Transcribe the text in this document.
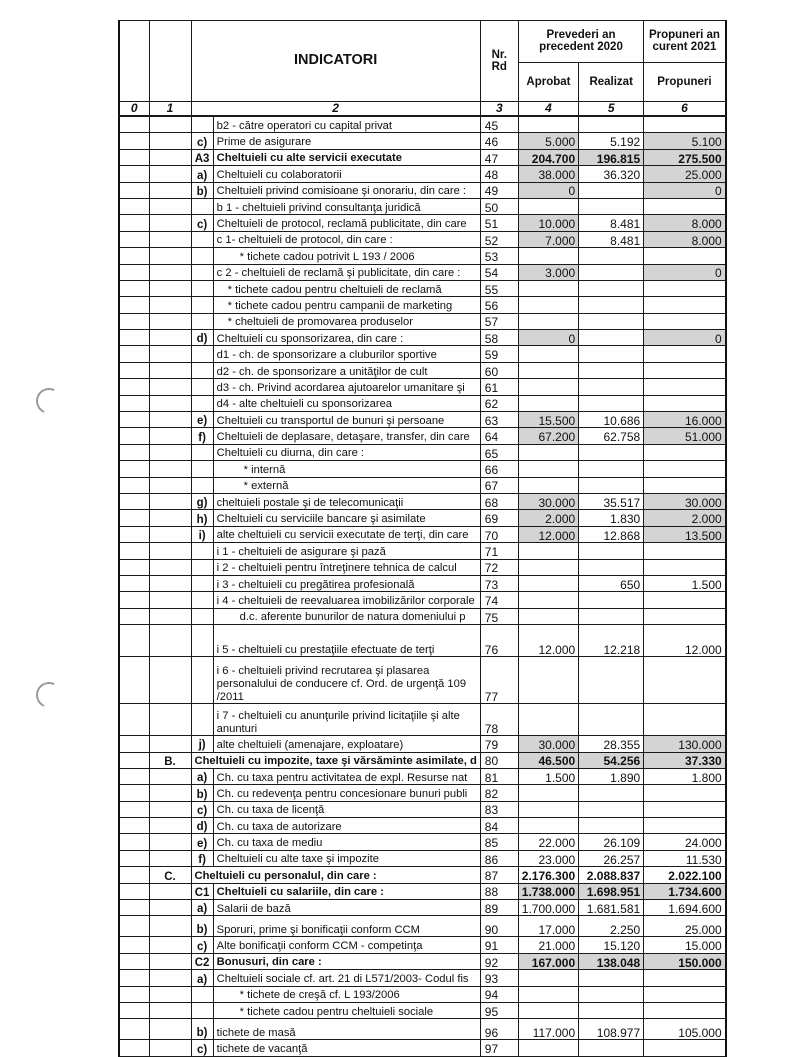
		INDICATORI		Nr. Rd	Prevederi an precedent 2020		Propuneri an curent 2021
					Aprobat	Realizat	Propuneri
0	1	2		3	4	5	6
			b2 - către operatori cu capital privat	45			
		c)	Prime de asigurare	46	5.000	5.192	5.100
		A3	Cheltuieli cu alte servicii executate	47	204.700	196.815	275.500
		a)	Cheltuieli cu colaboratorii	48	38.000	36.320	25.000
		b)	Cheltuieli privind comisioane şi onorariu, din care :	49	0		0
			b 1 - cheltuieli privind consultanţa juridică	50			
		c)	Cheltuieli de protocol, reclamă publicitate, din care	51	10.000	8.481	8.000
			c 1- cheltuieli de protocol, din care :	52	7.000	8.481	8.000
			* tichete cadou potrivit L 193 / 2006	53			
			c 2 - cheltuieli de reclamă şi publicitate, din care :	54	3.000		0
			* tichete cadou pentru cheltuieli de reclamă	55			
			* tichete cadou pentru campanii de marketing	56			
			* cheltuieli de promovarea produselor	57			
		d)	Cheltuieli cu sponsorizarea, din care :	58	0		0
			d1 - ch. de sponsorizare a cluburilor sportive	59			
			d2 - ch. de sponsorizare a unităţilor de cult	60			
			d3 - ch. Privind acordarea ajutoarelor umanitare şi	61			
			d4 - alte cheltuieli cu sponsorizarea	62			
		e)	Cheltuieli cu transportul de bunuri şi persoane	63	15.500	10.686	16.000
		f)	Cheltuieli de deplasare, detaşare, transfer, din care	64	67.200	62.758	51.000
			Cheltuieli cu diurna, din care :	65			
			* internă	66			
			* externă	67			
		g)	cheltuieli postale şi de telecomunicaţii	68	30.000	35.517	30.000
		h)	Cheltuieli cu serviciile bancare şi asimilate	69	2.000	1.830	2.000
		i)	alte cheltuieli cu servicii executate de terţi, din care	70	12.000	12.868	13.500
			i 1 - cheltuieli de asigurare şi pază	71			
			i 2 - cheltuieli pentru întreţinere tehnica de calcul	72			
			i 3 - cheltuieli cu pregătirea profesională	73		650	1.500
			i 4 - cheltuieli de reevaluarea imobilizărilor corporale	74			
			d.c. aferente bunurilor de natura domeniului p	75			
			i 5 - cheltuieli cu prestaţiile efectuate de terţi	76	12.000	12.218	12.000
			i 6 - cheltuieli privind recrutarea şi plasarea personalului de conducere cf. Ord. de urgenţă 109 /2011	77			
			i 7 - cheltuieli cu anunţurile privind licitaţiile şi alte anunturi	78			
		j)	alte cheltuieli (amenajare, exploatare)	79	30.000	28.355	130.000
	B.	Cheltuieli cu impozite, taxe şi vărsăminte asimilate, d		80	46.500	54.256	37.330
		a)	Ch. cu taxa pentru activitatea de expl. Resurse nat	81	1.500	1.890	1.800
		b)	Ch. cu redevenţa pentru concesionare bunuri publi	82			
		c)	Ch. cu taxa de licenţă	83			
		d)	Ch. cu taxa de autorizare	84			
		e)	Ch. cu taxa de mediu	85	22.000	26.109	24.000
		f)	Cheltuieli cu alte taxe şi impozite	86	23.000	26.257	11.530
	C.	Cheltuieli cu personalul, din care :		87	2.176.300	2.088.837	2.022.100
		C1	Cheltuieli cu salariile, din care :	88	1.738.000	1.698.951	1.734.600
		a)	Salarii de bază	89	1.700.000	1.681.581	1.694.600
		b)	Sporuri, prime şi bonificaţii conform CCM	90	17.000	2.250	25.000
		c)	Alte bonificaţii conform CCM - competinţa	91	21.000	15.120	15.000
		C2	Bonusuri, din care :	92	167.000	138.048	150.000
		a)	Cheltuieli sociale cf. art. 21 di L571/2003- Codul fis	93			
			* tichete de creşă cf. L 193/2006	94			
			* tichete cadou pentru cheltuieli sociale	95			
		b)	tichete de masă	96	117.000	108.977	105.000
		c)	tichete de vacanţă	97			
